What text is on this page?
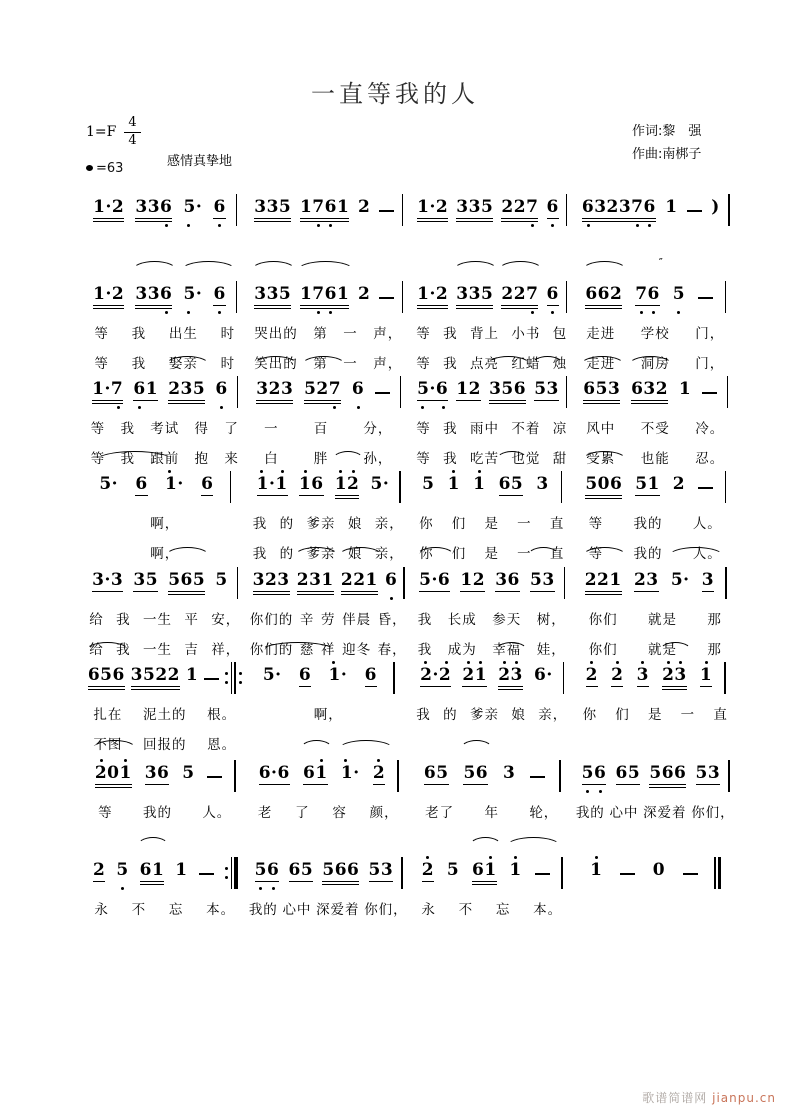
一直等我的人
$1=F \frac{4}{4}$
=63	感情真挚地
作词:黎　强
作曲:南梆子
1·2 336 5· 6 335 1761 2	1·2 335 227 6 632376 1 )
1·2 336 5· 6 335 1761 2	1·2 335 227 6 662
″
76 5
等 我 出生 时 哭出的 第 一 声， 等 我 背上 小书 包 走进 学校 门，
等 我 娶亲 时 笑出的 第 一 声， 等 我 点亮 红蜡 烛 走进 洞房 门，
1·7 61 235 6 323 527 6	5·6 12 356 53 653 632 1
等 我 考试 得 了 一	百	分， 等 我 雨中 不着 凉 风中 不受 冷。
等 我 跟前 抱 来 白	胖	孙， 等 我 吃苦 也觉 甜 受累 也能 忍。
5· 6 1· 6	1·1 16 12 5· 5 1 1 65 3 506 51 2
啊，	我 的 爹亲 娘 亲， 你 们 是 一 直 等 我的 人。
啊，	我 的 爹亲 娘 亲， 你 们 是 一 直 等 我的 人。
3·3 35 565 5 323 231 221 6 5·6 12 36 53 221 23 5· 3
给 我 一生 平 安， 你们的 辛 劳 伴晨 昏， 我 长成 参天 树， 你们 就是 那
给 我 一生 吉 祥， 你们的 慈 祥 迎冬 春， 我 成为 幸福 娃， 你们 就是 那
656 3522 1	5· 6 1· 6	2·2 21 23 6· 2 2 3 23 1
扎在 泥土的 根。	啊，	我 的 爹亲 娘 亲， 你 们 是 一 直
不图 回报的 恩。
201 36 5	6·6 61 1· 2 65 56 3	56 65 566 53
等 我的 人。 老 了 容 颜， 老了 年 轮， 我的 心中 深爱着 你们，
2 5 61 1	56 65 566 53 2 5 61 1	1	0
永 不 忘 本。 我的 心中 深爱着 你们， 永 不 忘 本。
歌谱简谱网 jianpu.cn
